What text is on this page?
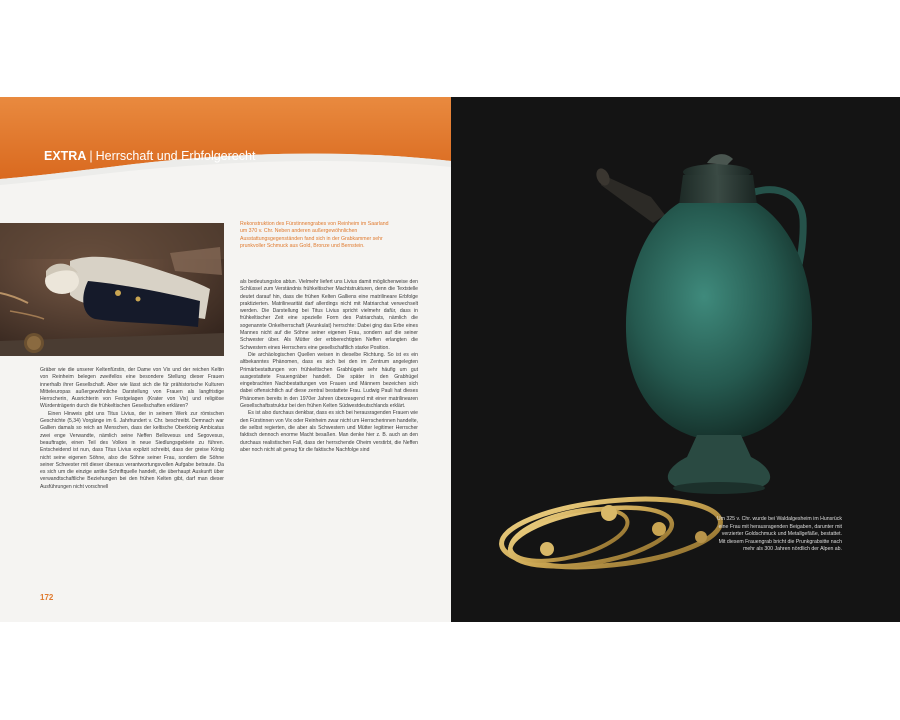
EXTRA | Herrschaft und Erbfolgerecht
Rekonstruktion des Fürstinnengrabes von Reinheim im Saarland um 370 v. Chr. Neben anderen außergewöhnlichen Ausstattungsgegenständen fand sich in der Grabkammer sehr prunkvoller Schmuck aus Gold, Bronze und Bernstein.

Gräber wie die unserer Keltenfürstin, der Dame von Vix und der reichen Keltin von Reinheim belegen zweifellos eine besondere Stellung dieser Frauen innerhalb ihrer Gesellschaft. Aber wie lässt sich die für prähistorische Kulturen Mitteleuropas außergewöhnliche Darstellung von Frauen als langfristige Herrscherin, Ausrichterin von Festgelagen (Krater von Vix) und religiöse Würdenträgerin durch die frühkeltischen Gesellschaften erklären?

Einen Hinweis gibt uns Titus Livius, der in seinem Werk zur römischen Geschichte (5,34) Vorgänge im 6. Jahrhundert v. Chr. beschreibt. Demnach war Gallien damals so reich an Menschen, dass der keltische Oberkönig Ambicatus zwei enge Verwandte, nämlich seine Neffen Bellovesus und Segovesus, beauftragte, einen Teil des Volkes in neue Siedlungsgebiete zu führen. Entscheidend ist nun, dass Titus Livius explizit schreibt, dass der greise König nicht seine eigenen Söhne, also die Söhne seiner Frau, sondern die Söhne seiner Schwester mit dieser überaus verantwortungsvollen Aufgabe betraute. Da es sich um die einzige antike Schriftquelle handelt, die überhaupt Auskunft über verwandtschaftliche Beziehungen bei den frühen Kelten gibt, darf man dieser Ausführungen nicht vorschnell

als bedeutungslos abtun. Vielmehr liefert uns Livius damit möglicherweise den Schlüssel zum Verständnis frühkeltischer Machtstrukturen, denn die Textstelle deutet darauf hin, dass die frühen Kelten Galliens eine matrilineare Erbfolge praktizierten. Matrilinearität darf allerdings nicht mit Matriarchat verwechselt werden. Die Darstellung bei Titus Livius spricht vielmehr dafür, dass in frühkeltischer Zeit eine spezielle Form des Patriarchats, nämlich die sogenannte Onkelherrschaft (Avunkulat) herrschte: Dabei ging das Erbe eines Mannes nicht auf die Söhne seiner eigenen Frau, sondern auf die seiner Schwester über. Als Mütter der erbberechtigten Neffen erlangten die Schwestern eines Herrschers eine gesellschaftlich starke Position.

Die archäologischen Quellen weisen in dieselbe Richtung. So ist es ein altbekanntes Phänomen, dass es sich bei den im Zentrum angelegten Primärbestattungen von frühkeltischen Grabhügeln sehr häufig um gut ausgestattete Frauengräber handelt. Die später in den Grabhügel eingebrachten Nachbestattungen von Frauen und Männern bezeichen sich dabei offensichtlich auf diese zentral bestattete Frau. Ludwig Pauli hat dieses Phänomen bereits in den 1970er Jahren überzeugend mit einer matrilinearen Gesellschaftsstruktur bei den frühen Kelten Südwestdeutschlands erklärt.

Es ist also durchaus denkbar, dass es sich bei herausragenden Frauen wie den Fürstinnen von Vix oder Reinheim zwar nicht um Herrscherinnen handelte, die selbst regierten, die aber als Schwestern und Mütter legitimer Herrscher faktisch dennoch enorme Macht besaßen. Man denke hier z. B. auch an den durchaus realistischen Fall, dass der herrschende Oheim verstirbt, die Neffen aber noch nicht alt genug für die faktische Nachfolge sind

172
Um 325 v. Chr. wurde bei Waldalgesheim im Hunsrück eine Frau mit herausragenden Beigaben, darunter mit verzierter Goldschmuck und Metallgefäße, bestattet. Mit diesem Frauengrab bricht die Prunkgrabsitte nach mehr als 300 Jahren nördlich der Alpen ab.
